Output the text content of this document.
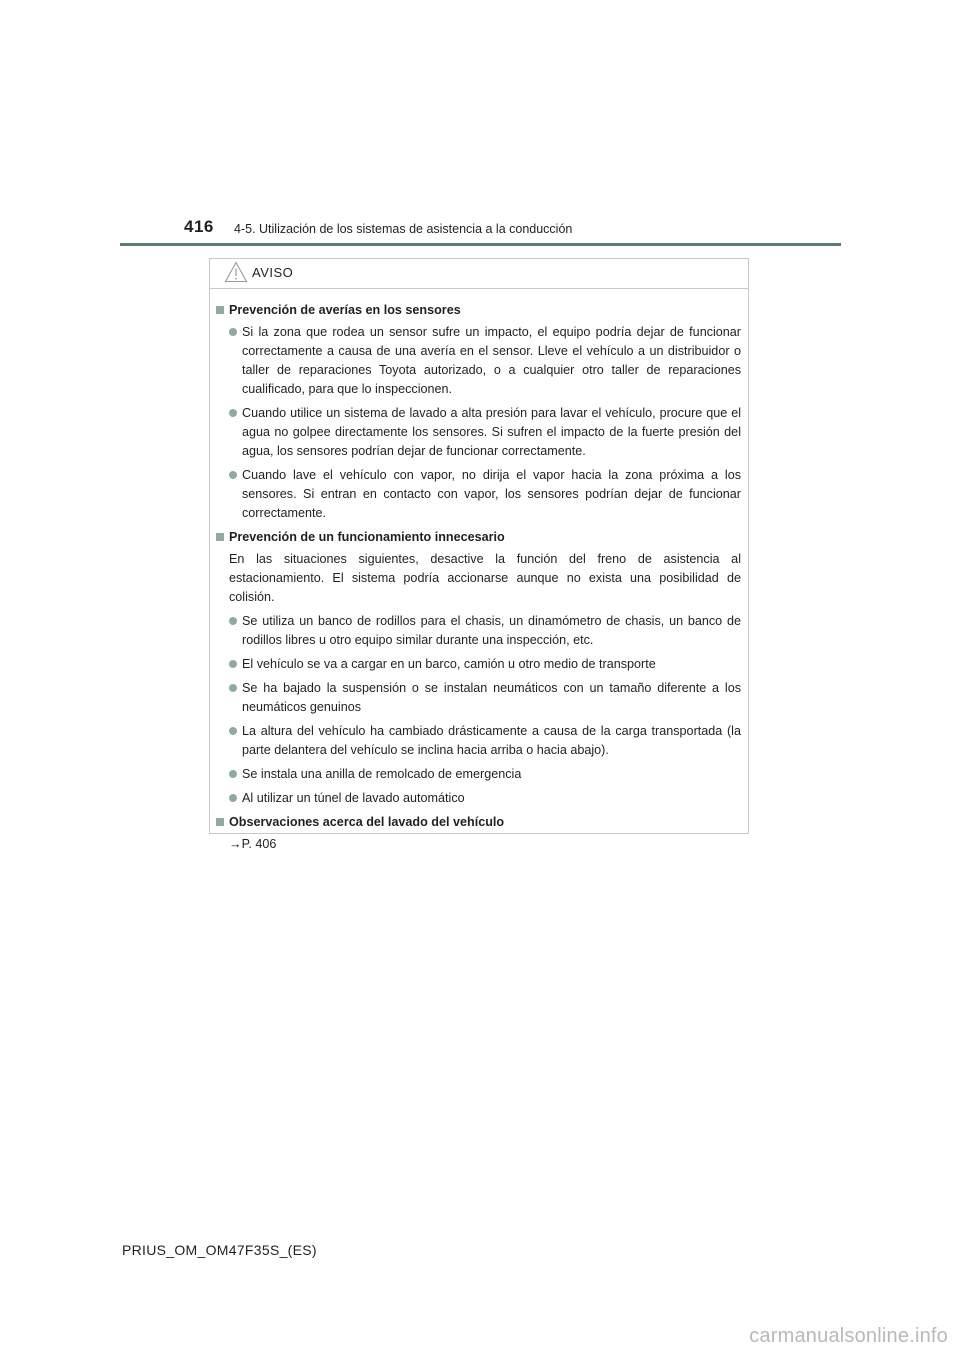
416 4-5. Utilización de los sistemas de asistencia a la conducción
AVISO
Prevención de averías en los sensores
Si la zona que rodea un sensor sufre un impacto, el equipo podría dejar de funcionar correctamente a causa de una avería en el sensor. Lleve el vehículo a un distribuidor o taller de reparaciones Toyota autorizado, o a cualquier otro taller de reparaciones cualificado, para que lo inspeccionen.
Cuando utilice un sistema de lavado a alta presión para lavar el vehículo, procure que el agua no golpee directamente los sensores. Si sufren el impacto de la fuerte presión del agua, los sensores podrían dejar de funcionar correctamente.
Cuando lave el vehículo con vapor, no dirija el vapor hacia la zona próxima a los sensores. Si entran en contacto con vapor, los sensores podrían dejar de funcionar correctamente.
Prevención de un funcionamiento innecesario
En las situaciones siguientes, desactive la función del freno de asistencia al estacionamiento. El sistema podría accionarse aunque no exista una posibilidad de colisión.
Se utiliza un banco de rodillos para el chasis, un dinamómetro de chasis, un banco de rodillos libres u otro equipo similar durante una inspección, etc.
El vehículo se va a cargar en un barco, camión u otro medio de transporte
Se ha bajado la suspensión o se instalan neumáticos con un tamaño diferente a los neumáticos genuinos
La altura del vehículo ha cambiado drásticamente a causa de la carga transportada (la parte delantera del vehículo se inclina hacia arriba o hacia abajo).
Se instala una anilla de remolcado de emergencia
Al utilizar un túnel de lavado automático
Observaciones acerca del lavado del vehículo
→P. 406
PRIUS_OM_OM47F35S_(ES)
carmanualsonline.info
